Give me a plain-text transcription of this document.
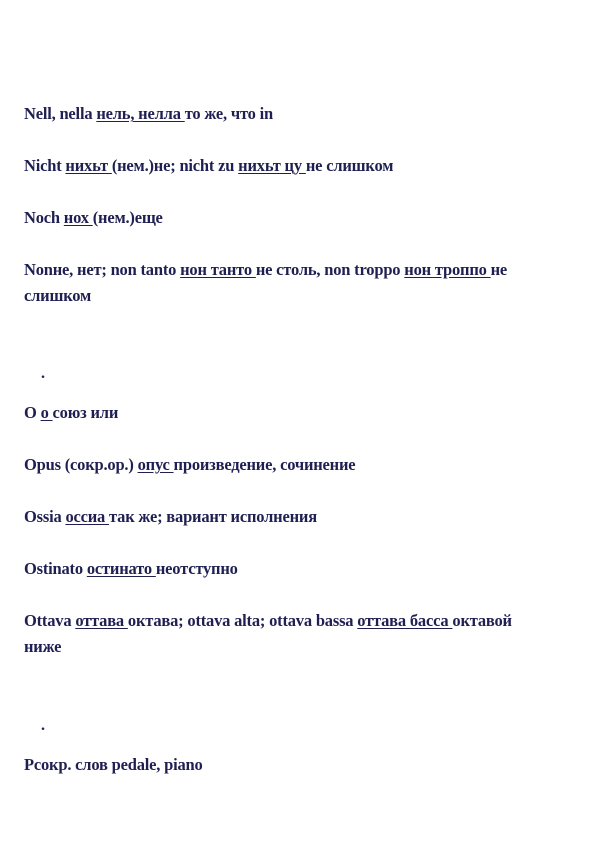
Nell, nella нель, нелла то же, что in

Nicht нихьт (нем.)не; nicht zu нихьт цу не слишком

Noch нох (нем.)еще

Nonне, нет; non tanto нон танто не столь, non troppo нон троппо не слишком

.

О о союз или

Opus (сокр.op.) опус произведение, сочинение

Ossia оссиа так же; вариант исполнения

Ostinato остинато неотступно

Ottava оттава октава; ottava alta; ottava bassa оттава басса октавой ниже

.

Рсокр. слов pedale, piano
